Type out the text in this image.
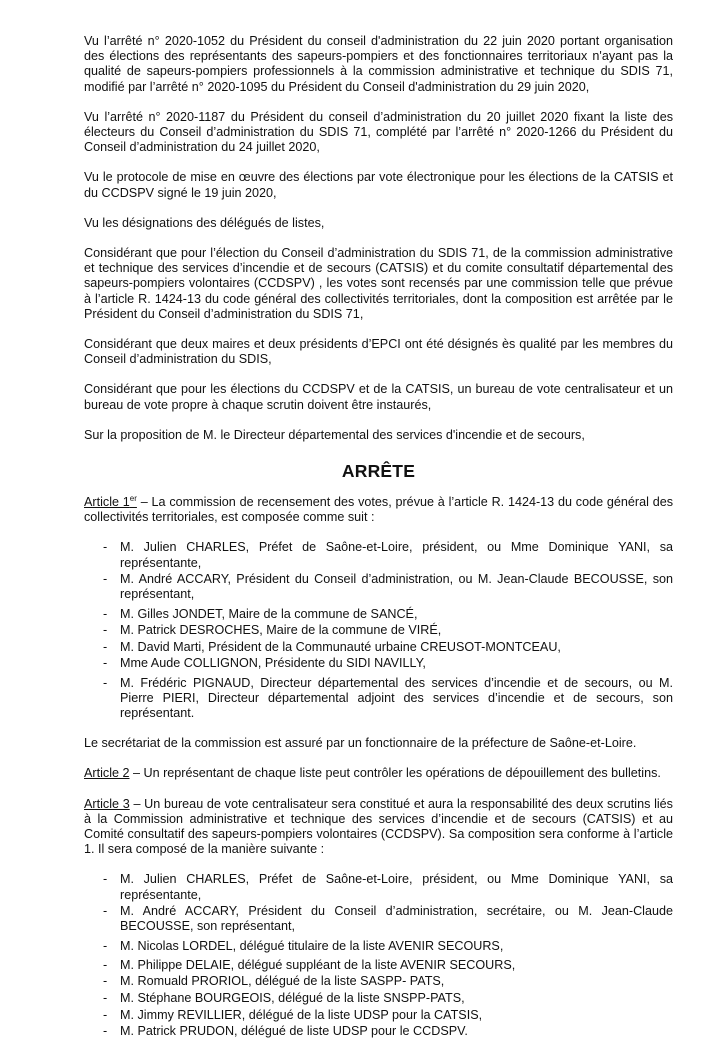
Vu l’arrêté n° 2020-1052 du Président du conseil d'administration du 22 juin 2020 portant organisation des élections des représentants des sapeurs-pompiers et des fonctionnaires territoriaux n'ayant pas la qualité de sapeurs-pompiers professionnels à la commission administrative et technique du SDIS 71, modifié par l’arrêté n° 2020-1095 du Président du Conseil d'administration du 29 juin 2020,

Vu l’arrêté n° 2020-1187 du Président du conseil d’administration du 20 juillet 2020 fixant la liste des électeurs du Conseil d’administration du SDIS 71, complété par l’arrêté n° 2020-1266 du Président du Conseil d’administration du 24 juillet 2020,

Vu le protocole de mise en œuvre des élections par vote électronique pour les élections de la CATSIS et du CCDSPV signé le 19 juin 2020,

Vu les désignations des délégués de listes,

Considérant que pour l’élection du Conseil d’administration du SDIS 71, de la commission administrative et technique des services d’incendie et de secours (CATSIS) et du comite consultatif départemental des sapeurs-pompiers volontaires (CCDSPV) , les votes sont recensés par une commission telle que prévue à l’article R. 1424-13 du code général des collectivités territoriales, dont la composition est arrêtée par le Président du Conseil d’administration du SDIS 71,

Considérant que deux maires et deux présidents d’EPCI ont été désignés ès qualité par les membres du Conseil d’administration du SDIS,

Considérant que pour les élections du CCDSPV et de la CATSIS, un bureau de vote centralisateur et un bureau de vote propre à chaque scrutin doivent être instaurés,

Sur la proposition de M. le Directeur départemental des services d'incendie et de secours,

ARRÊTE

Article 1er – La commission de recensement des votes, prévue à l’article R. 1424-13 du code général des collectivités territoriales, est composée comme suit :

- M. Julien CHARLES, Préfet de Saône-et-Loire, président, ou Mme Dominique YANI, sa représentante,
- M. André ACCARY, Président du Conseil d’administration, ou M. Jean-Claude BECOUSSE, son représentant,
- M. Gilles JONDET, Maire de la commune de SANCÉ,
- M. Patrick DESROCHES, Maire de la commune de VIRÉ,
- M. David Marti, Président de la Communauté urbaine CREUSOT-MONTCEAU,
- Mme Aude COLLIGNON, Présidente du SIDI NAVILLY,
- M. Frédéric PIGNAUD, Directeur départemental des services d’incendie et de secours, ou M. Pierre PIERI, Directeur départemental adjoint des services d’incendie et de secours, son représentant.

Le secrétariat de la commission est assuré par un fonctionnaire de la préfecture de Saône-et-Loire.

Article 2 – Un représentant de chaque liste peut contrôler les opérations de dépouillement des bulletins.

Article 3 – Un bureau de vote centralisateur sera constitué et aura la responsabilité des deux scrutins liés à la Commission administrative et technique des services d’incendie et de secours (CATSIS) et au Comité consultatif des sapeurs-pompiers volontaires (CCDSPV). Sa composition sera conforme à l’article 1. Il sera composé de la manière suivante :

- M. Julien CHARLES, Préfet de Saône-et-Loire, président, ou Mme Dominique YANI, sa représentante,
- M. André ACCARY, Président du Conseil d’administration, secrétaire, ou M. Jean-Claude BECOUSSE, son représentant,
- M. Nicolas LORDEL, délégué titulaire de la liste AVENIR SECOURS,
- M. Philippe DELAIE, délégué suppléant de la liste AVENIR SECOURS,
- M. Romuald PRORIOL, délégué de la liste SASPP- PATS,
- M. Stéphane BOURGEOIS, délégué de la liste SNSPP-PATS,
- M. Jimmy REVILLIER, délégué de la liste UDSP pour la CATSIS,
- M. Patrick PRUDON, délégué de liste UDSP pour le CCDSPV.
